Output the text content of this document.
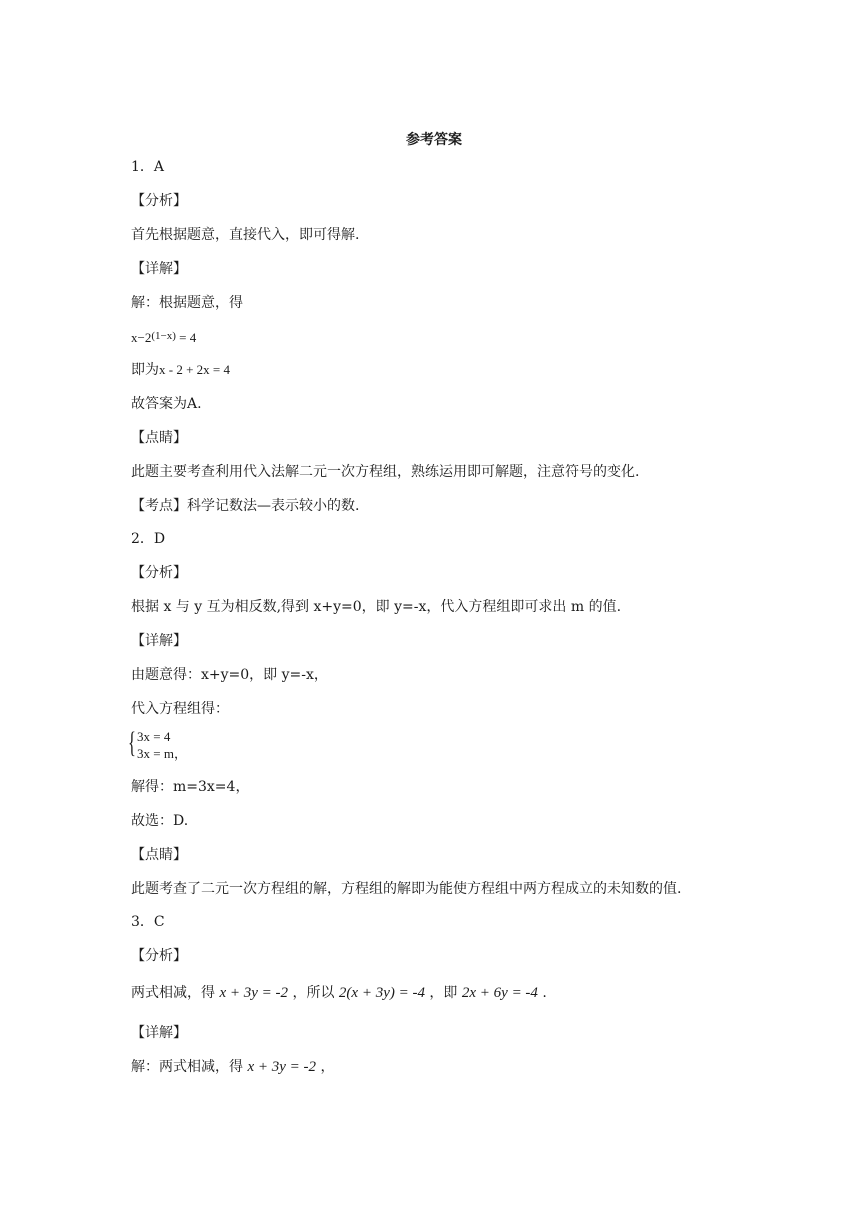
参考答案
1．A
【分析】
首先根据题意，直接代入，即可得解.
【详解】
解：根据题意，得
$x-2^{(1-x)} = 4$
即为x - 2 + 2x = 4
故答案为A.
【点睛】
此题主要考查利用代入法解二元一次方程组，熟练运用即可解题，注意符号的变化.
【考点】科学记数法—表示较小的数.
2．D
【分析】
根据 x 与 y 互为相反数,得到 x+y=0，即 y=-x，代入方程组即可求出 m 的值.
【详解】
由题意得：x+y=0，即 y=-x，
代入方程组得：
{ 3x = 4
3x = m，
解得：m=3x=4，
故选：D.
【点睛】
此题考查了二元一次方程组的解，方程组的解即为能使方程组中两方程成立的未知数的值.
3．C
【分析】
两式相减，得 x + 3y = -2 ，所以 2(x + 3y) = -4 ，即 2x + 6y = -4 .
【详解】
解：两式相减，得 x + 3y = -2 ，
